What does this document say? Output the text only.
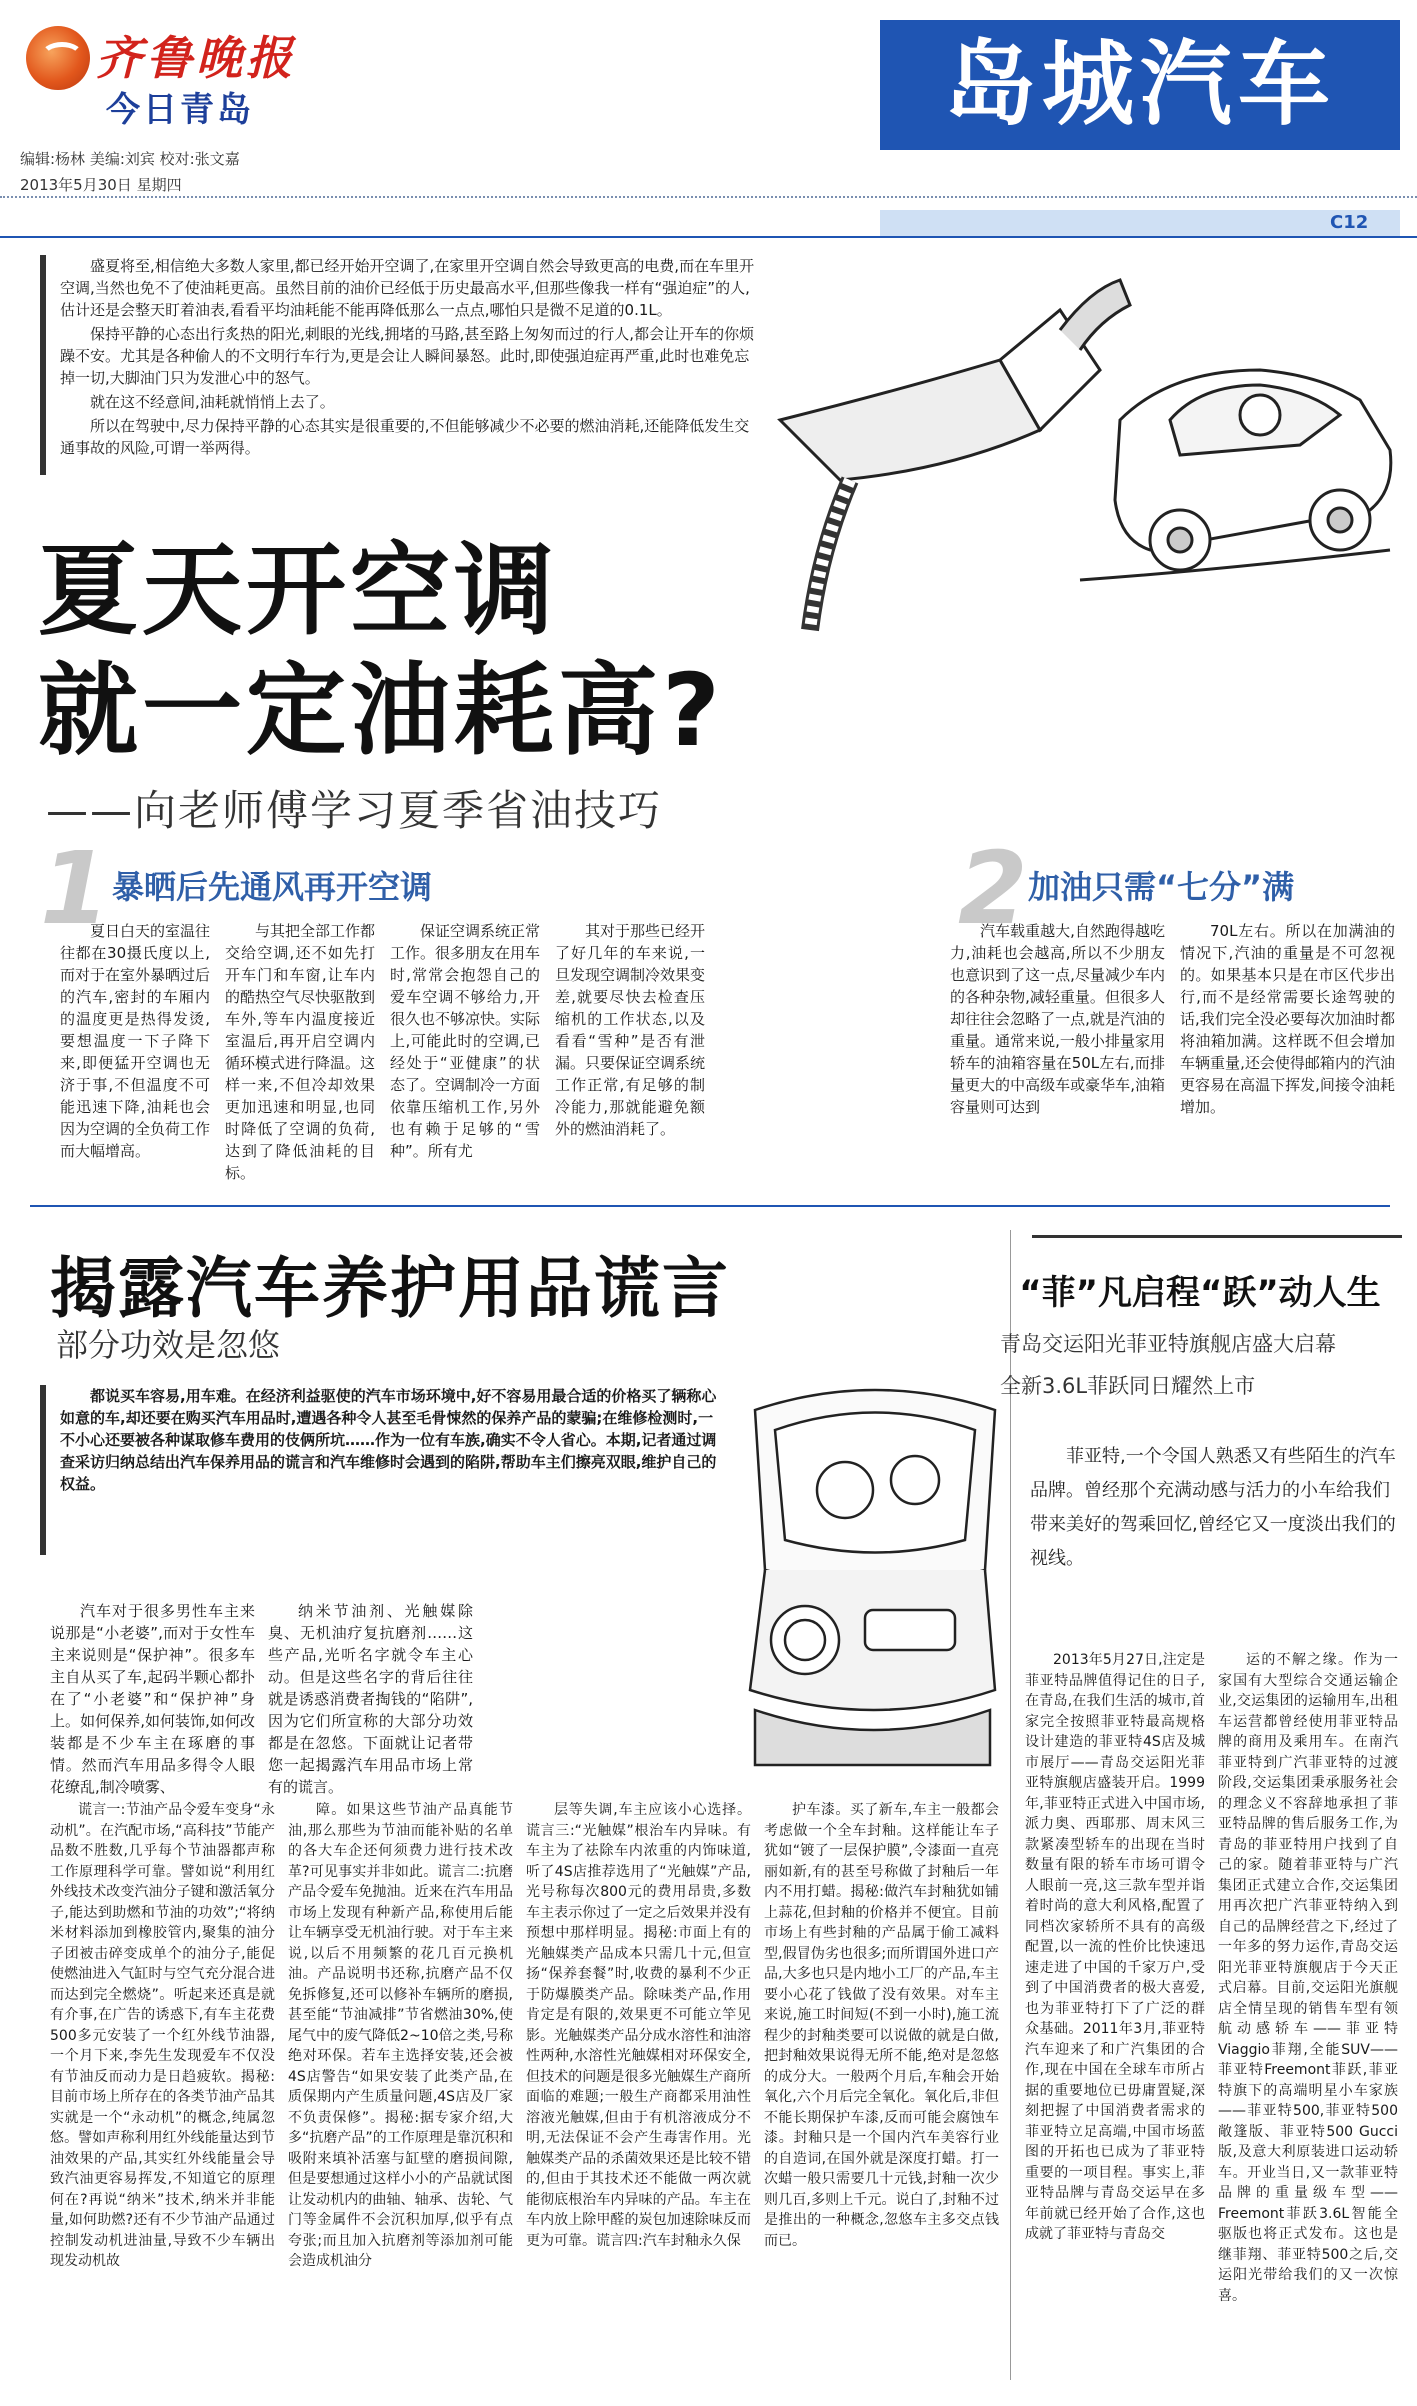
齐鲁晚报
今日青岛
编辑:杨林 美编:刘宾 校对:张文嘉
2013年5月30日 星期四
岛城汽车
C12

盛夏将至,相信绝大多数人家里,都已经开始开空调了,在家里开空调自然会导致更高的电费,而在车里开空调,当然也免不了使油耗更高。虽然目前的油价已经低于历史最高水平,但那些像我一样有“强迫症”的人,估计还是会整天盯着油表,看看平均油耗能不能再降低那么一点点,哪怕只是微不足道的0.1L。

保持平静的心态出行炙热的阳光,刺眼的光线,拥堵的马路,甚至路上匆匆而过的行人,都会让开车的你烦躁不安。尤其是各种偷人的不文明行车行为,更是会让人瞬间暴怒。此时,即使强迫症再严重,此时也难免忘掉一切,大脚油门只为发泄心中的怒气。

就在这不经意间,油耗就悄悄上去了。

所以在驾驶中,尽力保持平静的心态其实是很重要的,不但能够减少不必要的燃油消耗,还能降低发生交通事故的风险,可谓一举两得。

夏天开空调
就一定油耗高?
——向老师傅学习夏季省油技巧
1 暴晒后先通风再开空调

夏日白天的室温往往都在30摄氏度以上,而对于在室外暴晒过后的汽车,密封的车厢内的温度更是热得发烫,要想温度一下子降下来,即便猛开空调也无济于事,不但温度不可能迅速下降,油耗也会因为空调的全负荷工作而大幅增高。

与其把全部工作都交给空调,还不如先打开车门和车窗,让车内的酷热空气尽快驱散到车外,等车内温度接近室温后,再开启空调内循环模式进行降温。这样一来,不但冷却效果更加迅速和明显,也同时降低了空调的负荷,达到了降低油耗的目标。

保证空调系统正常工作。很多朋友在用车时,常常会抱怨自己的爱车空调不够给力,开很久也不够凉快。实际上,可能此时的空调,已经处于“亚健康”的状态了。空调制冷一方面依靠压缩机工作,另外也有赖于足够的“雪种”。所有尤

其对于那些已经开了好几年的车来说,一旦发现空调制冷效果变差,就要尽快去检查压缩机的工作状态,以及看看“雪种”是否有泄漏。只要保证空调系统工作正常,有足够的制冷能力,那就能避免额外的燃油消耗了。

2 加油只需“七分”满

汽车载重越大,自然跑得越吃力,油耗也会越高,所以不少朋友也意识到了这一点,尽量减少车内的各种杂物,减轻重量。但很多人却往往会忽略了一点,就是汽油的重量。通常来说,一般小排量家用轿车的油箱容量在50L左右,而排量更大的中高级车或豪华车,油箱容量则可达到

70L左右。所以在加满油的情况下,汽油的重量是不可忽视的。如果基本只是在市区代步出行,而不是经常需要长途驾驶的话,我们完全没必要每次加油时都将油箱加满。这样既不但会增加车辆重量,还会使得邮箱内的汽油更容易在高温下挥发,间接令油耗增加。

揭露汽车养护用品谎言
部分功效是忽悠

都说买车容易,用车难。在经济利益驱使的汽车市场环境中,好不容易用最合适的价格买了辆称心如意的车,却还要在购买汽车用品时,遭遇各种令人甚至毛骨悚然的保养产品的蒙骗;在维修检测时,一不小心还要被各种谋取修车费用的伎俩所坑……作为一位有车族,确实不令人省心。本期,记者通过调查采访归纳总结出汽车保养用品的谎言和汽车维修时会遇到的陷阱,帮助车主们擦亮双眼,维护自己的权益。

汽车对于很多男性车主来说那是“小老婆”,而对于女性车主来说则是“保护神”。很多车主自从买了车,起码半颗心都扑在了“小老婆”和“保护神”身上。如何保养,如何装饰,如何改装都是不少车主在琢磨的事情。然而汽车用品多得令人眼花缭乱,制冷喷雾、

纳米节油剂、光触媒除臭、无机油疗复抗磨剂……这些产品,光听名字就令车主心动。但是这些名字的背后往往就是诱惑消费者掏钱的“陷阱”,因为它们所宣称的大部分功效都是在忽悠。下面就让记者带您一起揭露汽车用品市场上常有的谎言。

谎言一:节油产品令爱车变身“永动机”。在汽配市场,“高科技”节能产品数不胜数,几乎每个节油器都声称工作原理科学可靠。譬如说“利用红外线技术改变汽油分子键和激活氧分子,能达到助燃和节油的功效”;“将纳米材料添加到橡胶管内,聚集的油分子团被击碎变成单个的油分子,能促使燃油进入气缸时与空气充分混合进而达到完全燃烧”。听起来还真是就有介事,在广告的诱惑下,有车主花费500多元安装了一个红外线节油器,一个月下来,李先生发现爱车不仅没有节油反而动力是日趋疲软。揭秘:目前市场上所存在的各类节油产品其实就是一个“永动机”的概念,纯属忽悠。譬如声称利用红外线能量达到节油效果的产品,其实红外线能量会导致汽油更容易挥发,不知道它的原理何在?再说“纳米”技术,纳米并非能量,如何助燃?还有不少节油产品通过控制发动机进油量,导致不少车辆出现发动机故

障。如果这些节油产品真能节油,那么那些为节油而能补贴的名单的各大车企还何须费力进行技术改革?可见事实并非如此。谎言二:抗磨产品令爱车免抛油。近来在汽车用品市场上发现有种新产品,称使用后能让车辆享受无机油行驶。对于车主来说,以后不用频繁的花几百元换机油。产品说明书还称,抗磨产品不仅免拆修复,还可以修补车辆所的磨损,甚至能“节油减排”节省燃油30%,使尾气中的废气降低2~10倍之类,号称绝对环保。若车主选择安装,还会被4S店警告“如果安装了此类产品,在质保期内产生质量问题,4S店及厂家不负责保修”。揭秘:据专家介绍,大多“抗磨产品”的工作原理是靠沉积和吸附来填补活塞与缸壁的磨损间隙,但是要想通过这样小小的产品就试图让发动机内的曲轴、轴承、齿轮、气门等金属件不会沉积加厚,似乎有点夸张;而且加入抗磨剂等添加剂可能会造成机油分

层等失调,车主应该小心选择。谎言三:“光触媒”根治车内异味。有车主为了祛除车内浓重的内饰味道,听了4S店推荐选用了“光触媒”产品,光号称每次800元的费用昂贵,多数车主表示你过了一定之后效果并没有预想中那样明显。揭秘:市面上有的光触媒类产品成本只需几十元,但宣扬“保养套餐”时,收费的暴利不少正于防爆膜类产品。除味类产品,作用肯定是有限的,效果更不可能立竿见影。光触媒类产品分成水溶性和油溶性两种,水溶性光触媒相对环保安全,但技术的问题是很多光触媒生产商所面临的难题;一般生产商都采用油性溶液光触媒,但由于有机溶液成分不明,无法保证不会产生毒害作用。光触媒类产品的杀菌效果还是比较不错的,但由于其技术还不能做一两次就能彻底根治车内异味的产品。车主在车内放上除甲醛的炭包加速除味反而更为可靠。谎言四:汽车封釉永久保

护车漆。买了新车,车主一般都会考虑做一个全车封釉。这样能让车子犹如“镀了一层保护膜”,令漆面一直亮丽如新,有的甚至号称做了封釉后一年内不用打蜡。揭秘:做汽车封釉犹如铺上蒜花,但封釉的价格并不便宜。目前市场上有些封釉的产品属于偷工减料型,假冒伪劣也很多;而所谓国外进口产品,大多也只是内地小工厂的产品,车主要小心花了钱做了没有效果。对车主来说,施工时间短(不到一小时),施工流程少的封釉类要可以说做的就是白做,把封釉效果说得无所不能,绝对是忽悠的成分大。一般两个月后,车釉会开始氧化,六个月后完全氧化。氧化后,非但不能长期保护车漆,反而可能会腐蚀车漆。封釉只是一个国内汽车美容行业的自造词,在国外就是深度打蜡。打一次蜡一般只需要几十元钱,封釉一次少则几百,多则上千元。说白了,封釉不过是推出的一种概念,忽悠车主多交点钱而已。

“菲”凡启程“跃”动人生
青岛交运阳光菲亚特旗舰店盛大启幕
全新3.6L菲跃同日耀然上市

菲亚特,一个令国人熟悉又有些陌生的汽车品牌。曾经那个充满动感与活力的小车给我们带来美好的驾乘回忆,曾经它又一度淡出我们的视线。

2013年5月27日,注定是菲亚特品牌值得记住的日子,在青岛,在我们生活的城市,首家完全按照菲亚特最高规格设计建造的菲亚特4S店及城市展厅——青岛交运阳光菲亚特旗舰店盛装开启。1999年,菲亚特正式进入中国市场,派力奥、西耶那、周末风三款紧凑型轿车的出现在当时数量有限的轿车市场可谓令人眼前一亮,这三款车型并诣着时尚的意大利风格,配置了同档次家轿所不具有的高级配置,以一流的性价比快速迅速走进了中国的千家万户,受到了中国消费者的极大喜爱,也为菲亚特打下了广泛的群众基础。2011年3月,菲亚特汽车迎来了和广汽集团的合作,现在中国在全球车市所占据的重要地位已毋庸置疑,深刻把握了中国消费者需求的菲亚特立足高端,中国市场蓝图的开拓也已成为了菲亚特重要的一项目程。事实上,菲亚特品牌与青岛交运早在多年前就已经开始了合作,这也成就了菲亚特与青岛交

运的不解之缘。作为一家国有大型综合交通运输企业,交运集团的运输用车,出租车运营都曾经使用菲亚特品牌的商用及乘用车。在南汽菲亚特到广汽菲亚特的过渡阶段,交运集团秉承服务社会的理念义不容辞地承担了菲亚特品牌的售后服务工作,为青岛的菲亚特用户找到了自己的家。随着菲亚特与广汽集团正式建立合作,交运集团用再次把广汽菲亚特纳入到自己的品牌经营之下,经过了一年多的努力运作,青岛交运阳光菲亚特旗舰店于今天正式启幕。目前,交运阳光旗舰店全情呈现的销售车型有领航动感轿车——菲亚特Viaggio菲翔,全能SUV——菲亚特Freemont菲跃,菲亚特旗下的高端明星小车家族——菲亚特500,菲亚特500敞篷版、菲亚特500 Gucci版,及意大利原装进口运动轿车。开业当日,又一款菲亚特品牌的重量级车型——Freemont菲跃3.6L智能全驱版也将正式发布。这也是继菲翔、菲亚特500之后,交运阳光带给我们的又一次惊喜。
